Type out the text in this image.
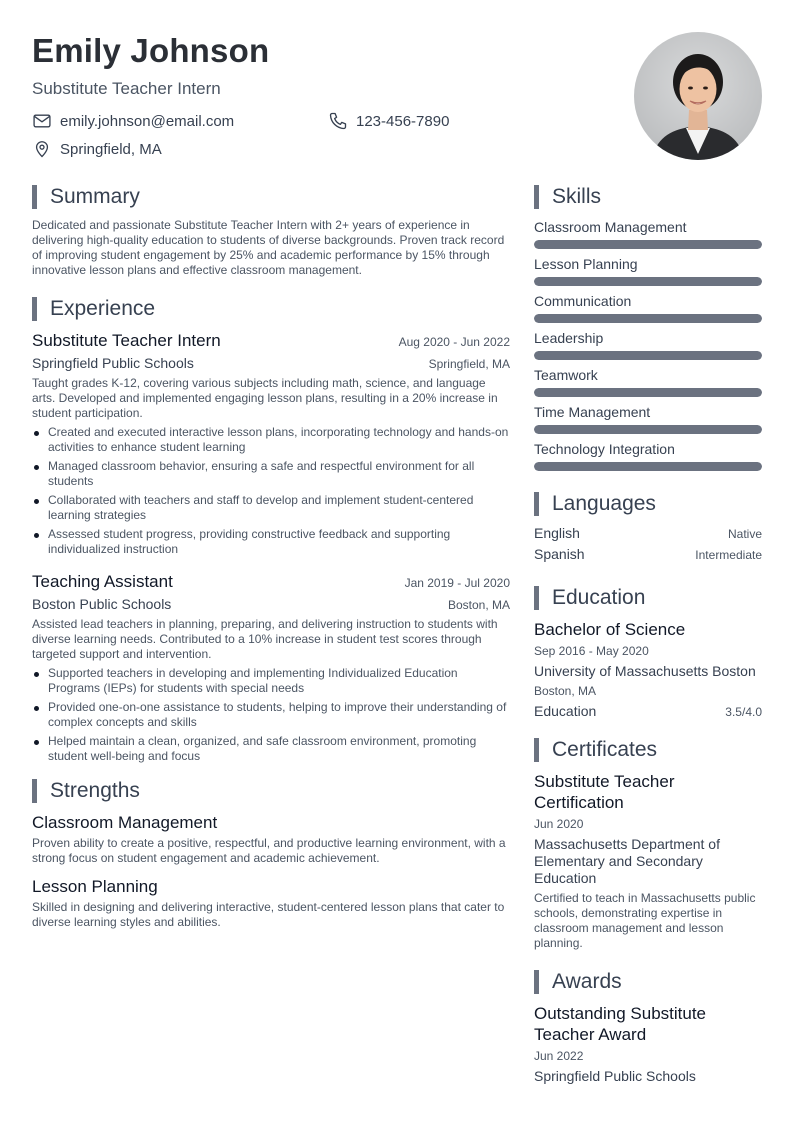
Emily Johnson
Substitute Teacher Intern
emily.johnson@email.com	123-456-7890
Springfield, MA
Summary

Dedicated and passionate Substitute Teacher Intern with 2+ years of experience in delivering high-quality education to students of diverse backgrounds. Proven track record of improving student engagement by 25% and academic performance by 15% through innovative lesson plans and effective classroom management.

Experience
Substitute Teacher Intern	Aug 2020 - Jun 2022
Springfield Public Schools	Springfield, MA

Taught grades K-12, covering various subjects including math, science, and language arts. Developed and implemented engaging lesson plans, resulting in a 20% increase in student participation.

Created and executed interactive lesson plans, incorporating technology and hands-on activities to enhance student learning
Managed classroom behavior, ensuring a safe and respectful environment for all students
Collaborated with teachers and staff to develop and implement student-centered learning strategies
Assessed student progress, providing constructive feedback and supporting individualized instruction
Teaching Assistant	Jan 2019 - Jul 2020
Boston Public Schools	Boston, MA

Assisted lead teachers in planning, preparing, and delivering instruction to students with diverse learning needs. Contributed to a 10% increase in student test scores through targeted support and intervention.

Supported teachers in developing and implementing Individualized Education Programs (IEPs) for students with special needs
Provided one-on-one assistance to students, helping to improve their understanding of complex concepts and skills
Helped maintain a clean, organized, and safe classroom environment, promoting student well-being and focus
Strengths
Classroom Management

Proven ability to create a positive, respectful, and productive learning environment, with a strong focus on student engagement and academic achievement.

Lesson Planning

Skilled in designing and delivering interactive, student-centered lesson plans that cater to diverse learning styles and abilities.

Skills
Classroom Management
Lesson Planning
Communication
Leadership
Teamwork
Time Management
Technology Integration
Languages
English	Native
Spanish	Intermediate
Education
Bachelor of Science
Sep 2016 - May 2020
University of Massachusetts Boston
Boston, MA
Education	3.5/4.0
Certificates
Substitute Teacher Certification
Jun 2020
Massachusetts Department of Elementary and Secondary Education
Certified to teach in Massachusetts public schools, demonstrating expertise in classroom management and lesson planning.
Awards
Outstanding Substitute Teacher Award
Jun 2022
Springfield Public Schools
